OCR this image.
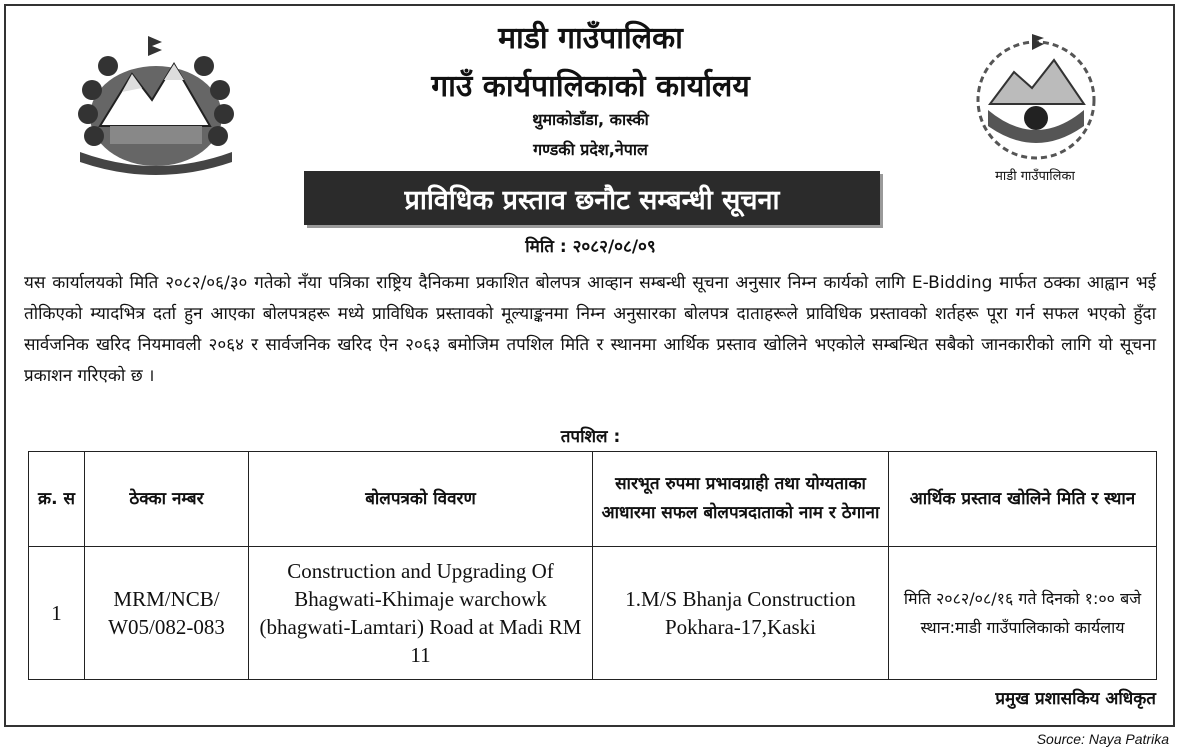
माडी गाउँपालिका
माडी गाउँपालिका
गाउँ कार्यपालिकाको कार्यालय
थुमाकोडाँडा, कास्की
गण्डकी प्रदेश,नेपाल
प्राविधिक प्रस्ताव छनौट सम्बन्धी सूचना
मिति : २०८२/०८/०९
यस कार्यालयको मिति २०८२/०६/३० गतेको नँया पत्रिका राष्ट्रिय दैनिकमा प्रकाशित बोलपत्र आव्हान सम्बन्धी सूचना अनुसार निम्न कार्यको लागि E-Bidding मार्फत ठक्का आह्वान भई तोकिएको म्यादभित्र दर्ता हुन आएका बोलपत्रहरू मध्ये प्राविधिक प्रस्तावको मूल्याङ्कनमा निम्न अनुसारका बोलपत्र दाताहरूले प्राविधिक प्रस्तावको शर्तहरू पूरा गर्न सफल भएको हुँदा सार्वजनिक खरिद नियमावली २०६४ र सार्वजनिक खरिद ऐन २०६३ बमोजिम तपशिल मिति र स्थानमा आर्थिक प्रस्ताव खोलिने भएकोले सम्बन्धित सबैको जानकारीको लागि यो सूचना प्रकाशन गरिएको छ ।
तपशिल :
क्र. स	ठेक्का नम्बर	बोलपत्रको विवरण	सारभूत रुपमा प्रभावग्राही तथा योग्यताका आधारमा सफल बोलपत्रदाताको नाम र ठेगाना	आर्थिक प्रस्ताव खोलिने मिति र स्थान
1	MRM/NCB/ W05/082-083	Construction and Upgrading Of Bhagwati-Khimaje warchowk (bhagwati-Lamtari) Road at Madi RM 11	1.M/S Bhanja Construction Pokhara-17,Kaski	मिति २०८२/०८/१६ गते दिनको १:०० बजे स्थान:माडी गाउँपालिकाको कार्यलाय
प्रमुख प्रशासकिय अधिकृत
Source: Naya Patrika
